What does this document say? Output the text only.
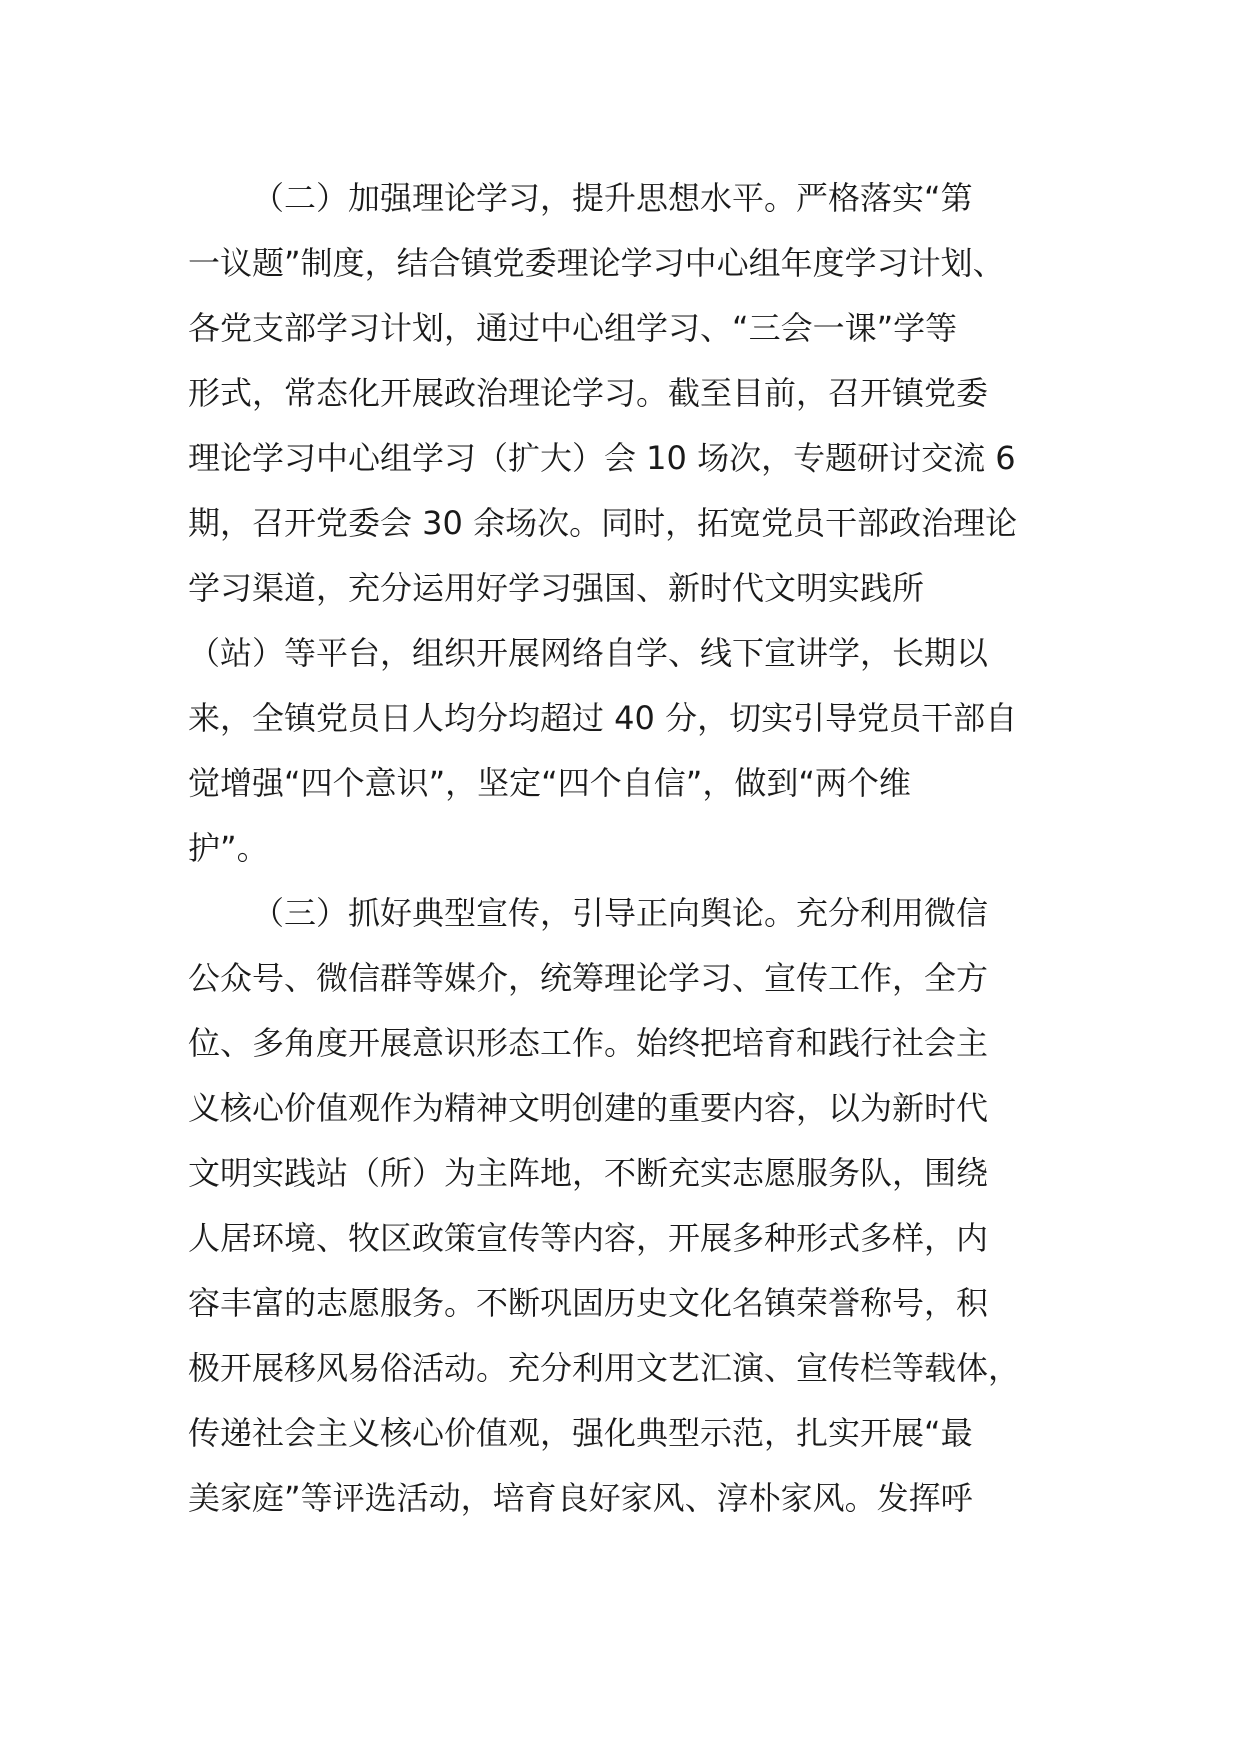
（二）加强理论学习，提升思想水平。严格落实“第
一议题”制度，结合镇党委理论学习中心组年度学习计划、
各党支部学习计划，通过中心组学习、“三会一课”学等
形式，常态化开展政治理论学习。截至目前，召开镇党委
理论学习中心组学习（扩大）会 10 场次，专题研讨交流 6
期，召开党委会 30 余场次。同时，拓宽党员干部政治理论
学习渠道，充分运用好学习强国、新时代文明实践所
（站）等平台，组织开展网络自学、线下宣讲学，长期以
来，全镇党员日人均分均超过 40 分，切实引导党员干部自
觉增强“四个意识”，坚定“四个自信”，做到“两个维
护”。
（三）抓好典型宣传，引导正向舆论。充分利用微信
公众号、微信群等媒介，统筹理论学习、宣传工作，全方
位、多角度开展意识形态工作。始终把培育和践行社会主
义核心价值观作为精神文明创建的重要内容，以为新时代
文明实践站（所）为主阵地，不断充实志愿服务队，围绕
人居环境、牧区政策宣传等内容，开展多种形式多样，内
容丰富的志愿服务。不断巩固历史文化名镇荣誉称号，积
极开展移风易俗活动。充分利用文艺汇演、宣传栏等载体，
传递社会主义核心价值观，强化典型示范，扎实开展“最
美家庭”等评选活动，培育良好家风、淳朴家风。发挥呼
